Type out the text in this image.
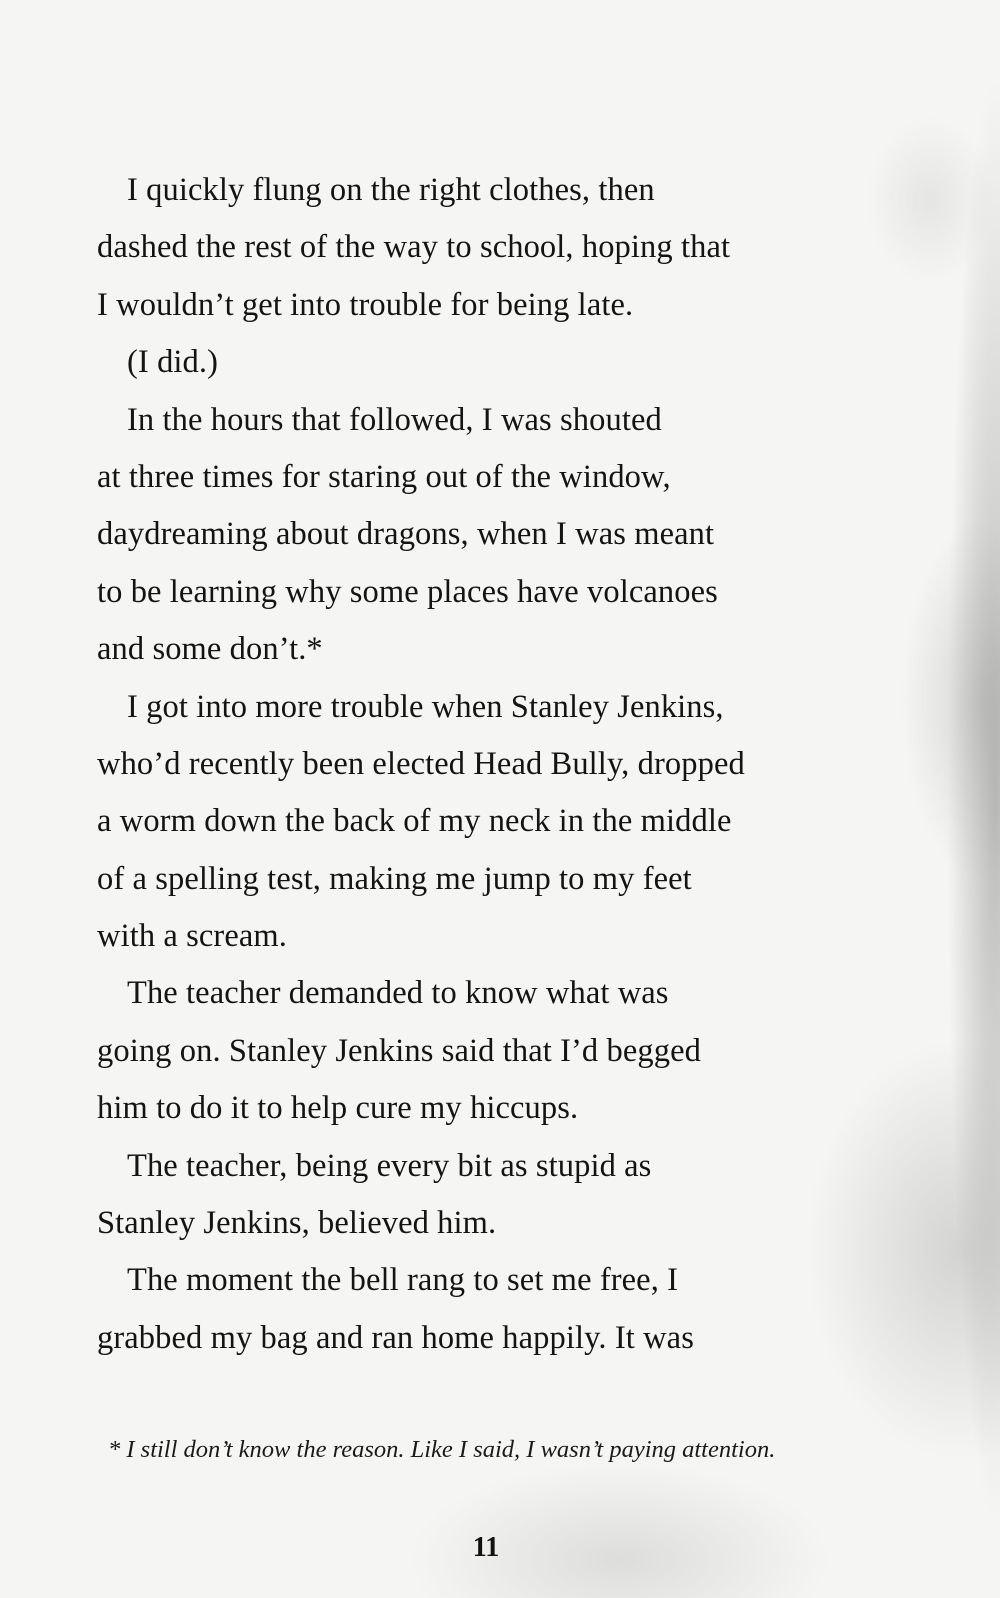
I quickly flung on the right clothes, then
dashed the rest of the way to school, hoping that
I wouldn’t get into trouble for being late.
(I did.)
In the hours that followed, I was shouted
at three times for staring out of the window,
daydreaming about dragons, when I was meant
to be learning why some places have volcanoes
and some don’t.*
I got into more trouble when Stanley Jenkins,
who’d recently been elected Head Bully, dropped
a worm down the back of my neck in the middle
of a spelling test, making me jump to my feet
with a scream.
The teacher demanded to know what was
going on. Stanley Jenkins said that I’d begged
him to do it to help cure my hiccups.
The teacher, being every bit as stupid as
Stanley Jenkins, believed him.
The moment the bell rang to set me free, I
grabbed my bag and ran home happily. It was
* I still don’t know the reason. Like I said, I wasn’t paying attention.
11
